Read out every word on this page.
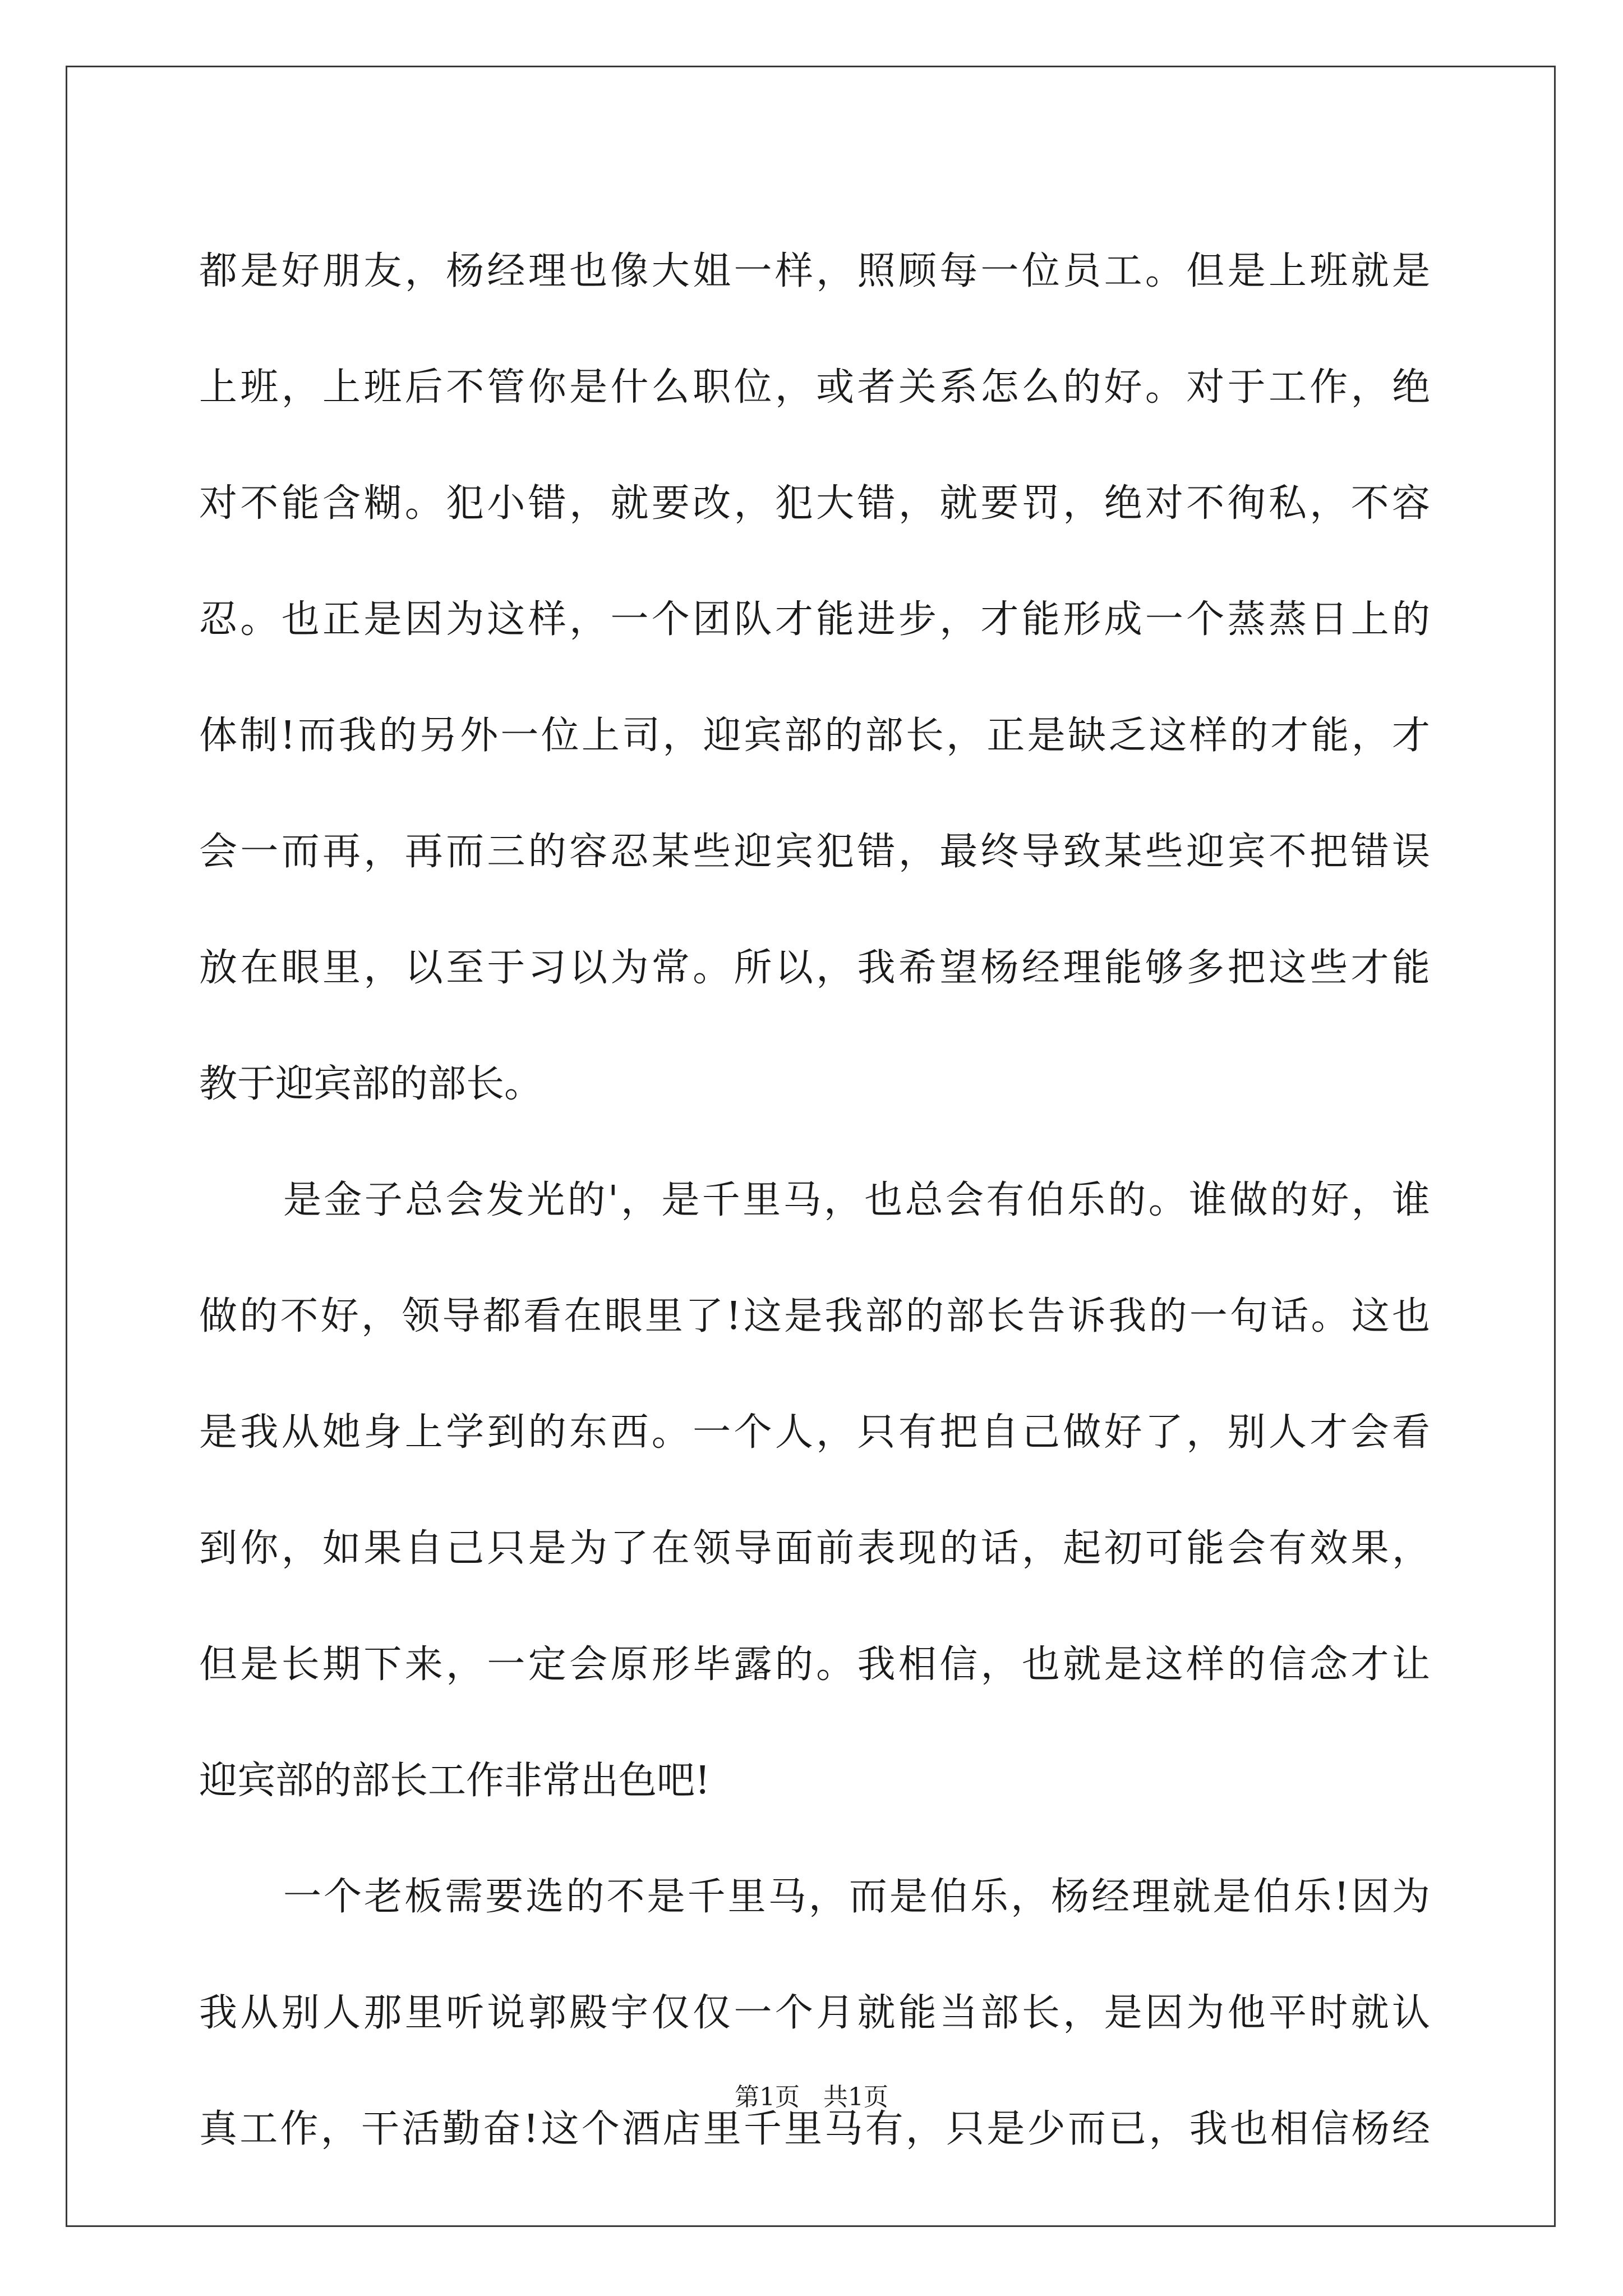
都是好朋友，杨经理也像大姐一样，照顾每一位员工。但是上班就是
上班，上班后不管你是什么职位，或者关系怎么的好。对于工作，绝
对不能含糊。犯小错，就要改，犯大错，就要罚，绝对不徇私，不容
忍。也正是因为这样，一个团队才能进步，才能形成一个蒸蒸日上的
体制!而我的另外一位上司，迎宾部的部长，正是缺乏这样的才能，才
会一而再，再而三的容忍某些迎宾犯错，最终导致某些迎宾不把错误
放在眼里，以至于习以为常。所以，我希望杨经理能够多把这些才能
教于迎宾部的部长。
是金子总会发光的'，是千里马，也总会有伯乐的。谁做的好，谁
做的不好，领导都看在眼里了!这是我部的部长告诉我的一句话。这也
是我从她身上学到的东西。一个人，只有把自己做好了，别人才会看
到你，如果自己只是为了在领导面前表现的话，起初可能会有效果，
但是长期下来，一定会原形毕露的。我相信，也就是这样的信念才让
迎宾部的部长工作非常出色吧!
一个老板需要选的不是千里马，而是伯乐，杨经理就是伯乐!因为
我从别人那里听说郭殿宇仅仅一个月就能当部长，是因为他平时就认
真工作，干活勤奋!这个酒店里千里马有，只是少而已，我也相信杨经
第1页   共1页
